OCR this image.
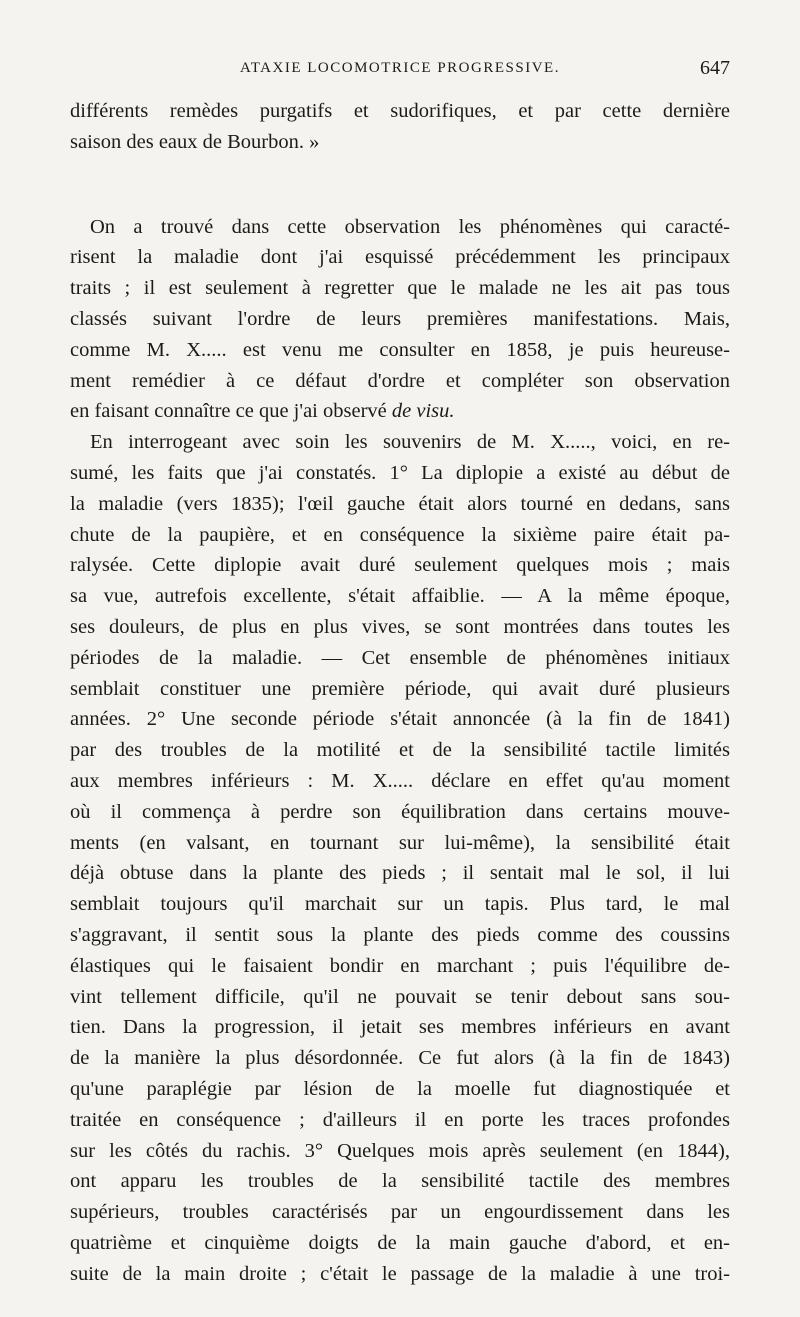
ATAXIE LOCOMOTRICE PROGRESSIVE.	647

différents remèdes purgatifs et sudorifiques, et par cette dernière
saison des eaux de Bourbon. »

On a trouvé dans cette observation les phénomènes qui caracté-
risent la maladie dont j'ai esquissé précédemment les principaux
traits ; il est seulement à regretter que le malade ne les ait pas tous
classés suivant l'ordre de leurs premières manifestations. Mais,
comme M. X..... est venu me consulter en 1858, je puis heureuse-
ment remédier à ce défaut d'ordre et compléter son observation
en faisant connaître ce que j'ai observé de visu.

En interrogeant avec soin les souvenirs de M. X....., voici, en re-
sumé, les faits que j'ai constatés. 1° La diplopie a existé au début de
la maladie (vers 1835); l'œil gauche était alors tourné en dedans, sans
chute de la paupière, et en conséquence la sixième paire était pa-
ralysée. Cette diplopie avait duré seulement quelques mois ; mais
sa vue, autrefois excellente, s'était affaiblie. — A la même époque,
ses douleurs, de plus en plus vives, se sont montrées dans toutes les
périodes de la maladie. — Cet ensemble de phénomènes initiaux
semblait constituer une première période, qui avait duré plusieurs
années. 2° Une seconde période s'était annoncée (à la fin de 1841)
par des troubles de la motilité et de la sensibilité tactile limités
aux membres inférieurs : M. X..... déclare en effet qu'au moment
où il commença à perdre son équilibration dans certains mouve-
ments (en valsant, en tournant sur lui-même), la sensibilité était
déjà obtuse dans la plante des pieds ; il sentait mal le sol, il lui
semblait toujours qu'il marchait sur un tapis. Plus tard, le mal
s'aggravant, il sentit sous la plante des pieds comme des coussins
élastiques qui le faisaient bondir en marchant ; puis l'équilibre de-
vint tellement difficile, qu'il ne pouvait se tenir debout sans sou-
tien. Dans la progression, il jetait ses membres inférieurs en avant
de la manière la plus désordonnée. Ce fut alors (à la fin de 1843)
qu'une paraplégie par lésion de la moelle fut diagnostiquée et
traitée en conséquence ; d'ailleurs il en porte les traces profondes
sur les côtés du rachis. 3° Quelques mois après seulement (en 1844),
ont apparu les troubles de la sensibilité tactile des membres
supérieurs, troubles caractérisés par un engourdissement dans les
quatrième et cinquième doigts de la main gauche d'abord, et en-
suite de la main droite ; c'était le passage de la maladie à une troi-
